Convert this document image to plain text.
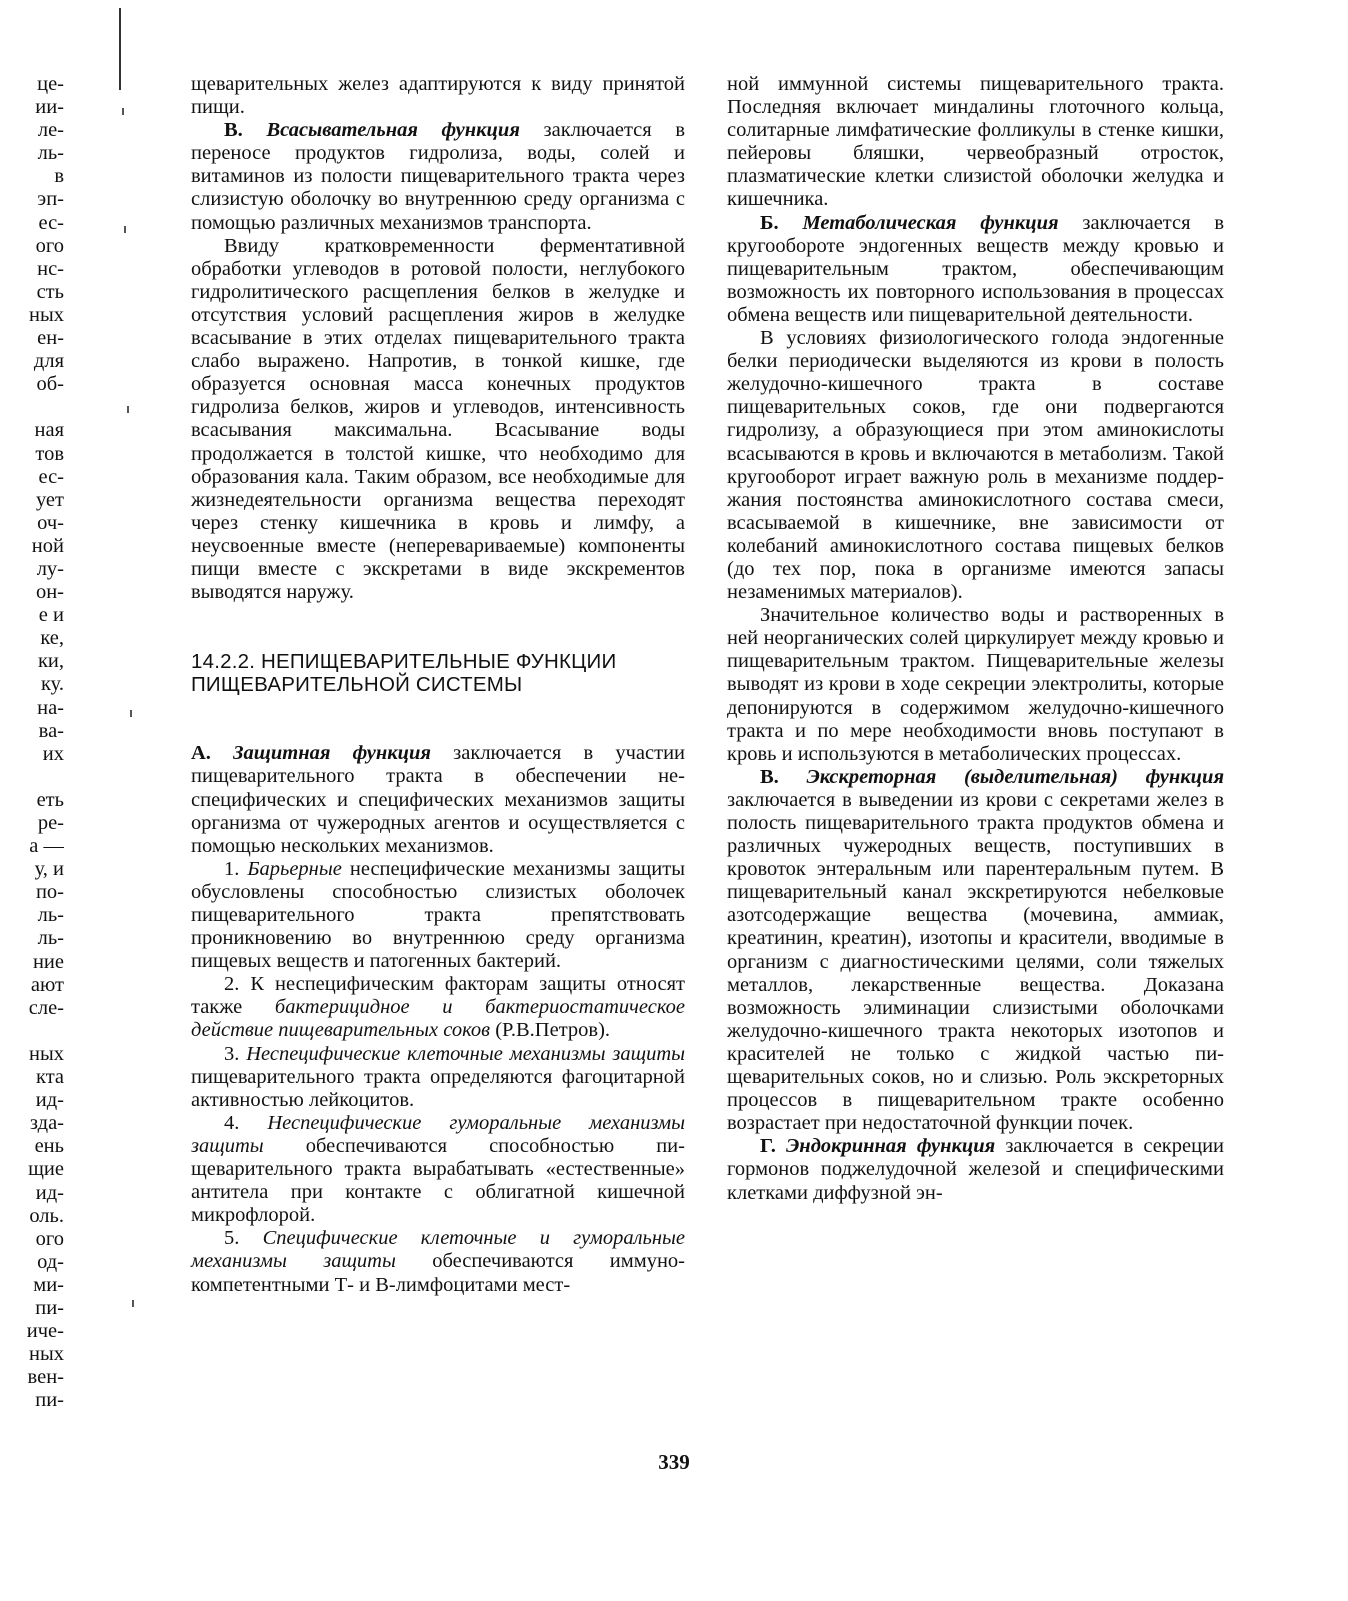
це-
ии-
ле-
ль-
в
эп-
ес-
ого
нс-
сть
ных
ен-
для
об-
ная
тов
ес-
ует
оч-
ной
лу-
он-
е и
ке,
ки,
ку.
на-
ва-
их
еть
ре-
а —
у, и
по-
ль-
ль-
ние
ают
сле-
ных
кта
ид-
зда-
ень
щие
ид-
оль.
ого
од-
ми-
пи-
иче-
ных
вен-
пи-

щеварительных желез адаптируются к виду принятой пищи.

В. Всасывательная функция заключается в переносе продуктов гидролиза, воды, солей и витаминов из полости пищеварительного тракта через слизистую оболочку во внутреннюю среду организма с помощью различных механизмов транспорта.

Ввиду кратковременности ферментативной обработки углеводов в ротовой полости, неглубокого гидролитического расщепления белков в желудке и отсутствия условий расщепления жиров в желудке всасывание в этих отделах пищеварительного тракта слабо выражено. Напротив, в тонкой кишке, где образуется основная масса конечных продуктов гидролиза белков, жиров и углеводов, интенсивность всасывания максимальна. Всасывание воды продолжается в толстой кишке, что необходимо для образования кала. Таким образом, все необходимые для жизнедеятельности организма вещества переходят через стенку кишечника в кровь и лимфу, а неусвоенные вместе (неперевариваемые) компоненты пищи вместе с экскретами в виде экскрементов выводятся наружу.

14.2.2. НЕПИЩЕВАРИТЕЛЬНЫЕ ФУНКЦИИ
ПИЩЕВАРИТЕЛЬНОЙ СИСТЕМЫ

А. Защитная функция заключается в участии пищеварительного тракта в обеспечении неспецифических и специфических механизмов защиты организма от чужеродных агентов и осуществляется с помощью нескольких механизмов.

1. Барьерные неспецифические механизмы защиты обусловлены способностью слизистых оболочек пищеварительного тракта препятствовать проникновению во внутреннюю среду организма пищевых веществ и патогенных бактерий.

2. К неспецифическим факторам защиты относят также бактерицидное и бактериостатическое действие пищеварительных соков (Р.В.Петров).

3. Неспецифические клеточные механизмы защиты пищеварительного тракта определяются фагоцитарной активностью лейкоцитов.

4. Неспецифические гуморальные механизмы защиты обеспечиваются способностью пищеварительного тракта вырабатывать «естественные» антитела при контакте с облигатной кишечной микрофлорой.

5. Специфические клеточные и гуморальные механизмы защиты обеспечиваются иммунокомпетентными Т- и В-лимфоцитами мест-

ной иммунной системы пищеварительного тракта. Последняя включает миндалины глоточного кольца, солитарные лимфатические фолликулы в стенке кишки, пейеровы бляшки, червеобразный отросток, плазматические клетки слизистой оболочки желудка и кишечника.

Б. Метаболическая функция заключается в кругообороте эндогенных веществ между кровью и пищеварительным трактом, обеспечивающим возможность их повторного использования в процессах обмена веществ или пищеварительной деятельности.

В условиях физиологического голода эндогенные белки периодически выделяются из крови в полость желудочно-кишечного тракта в составе пищеварительных соков, где они подвергаются гидролизу, а образующиеся при этом аминокислоты всасываются в кровь и включаются в метаболизм. Такой кругооборот играет важную роль в механизме поддержания постоянства аминокислотного состава смеси, всасываемой в кишечнике, вне зависимости от колебаний аминокислотного состава пищевых белков (до тех пор, пока в организме имеются запасы незаменимых материалов).

Значительное количество воды и растворенных в ней неорганических солей циркулирует между кровью и пищеварительным трактом. Пищеварительные железы выводят из крови в ходе секреции электролиты, которые депонируются в содержимом желудочно-кишечного тракта и по мере необходимости вновь поступают в кровь и используются в метаболических процессах.

В. Экскреторная (выделительная) функция заключается в выведении из крови с секретами желез в полость пищеварительного тракта продуктов обмена и различных чужеродных веществ, поступивших в кровоток энтеральным или парентеральным путем. В пищеварительный канал экскретируются небелковые азотсодержащие вещества (мочевина, аммиак, креатинин, креатин), изотопы и красители, вводимые в организм с диагностическими целями, соли тяжелых металлов, лекарственные вещества. Доказана возможность элиминации слизистыми оболочками желудочно-кишечного тракта некоторых изотопов и красителей не только с жидкой частью пищеварительных соков, но и слизью. Роль экскреторных процессов в пищеварительном тракте особенно возрастает при недостаточной функции почек.

Г. Эндокринная функция заключается в секреции гормонов поджелудочной железой и специфическими клетками диффузной эн-

339
